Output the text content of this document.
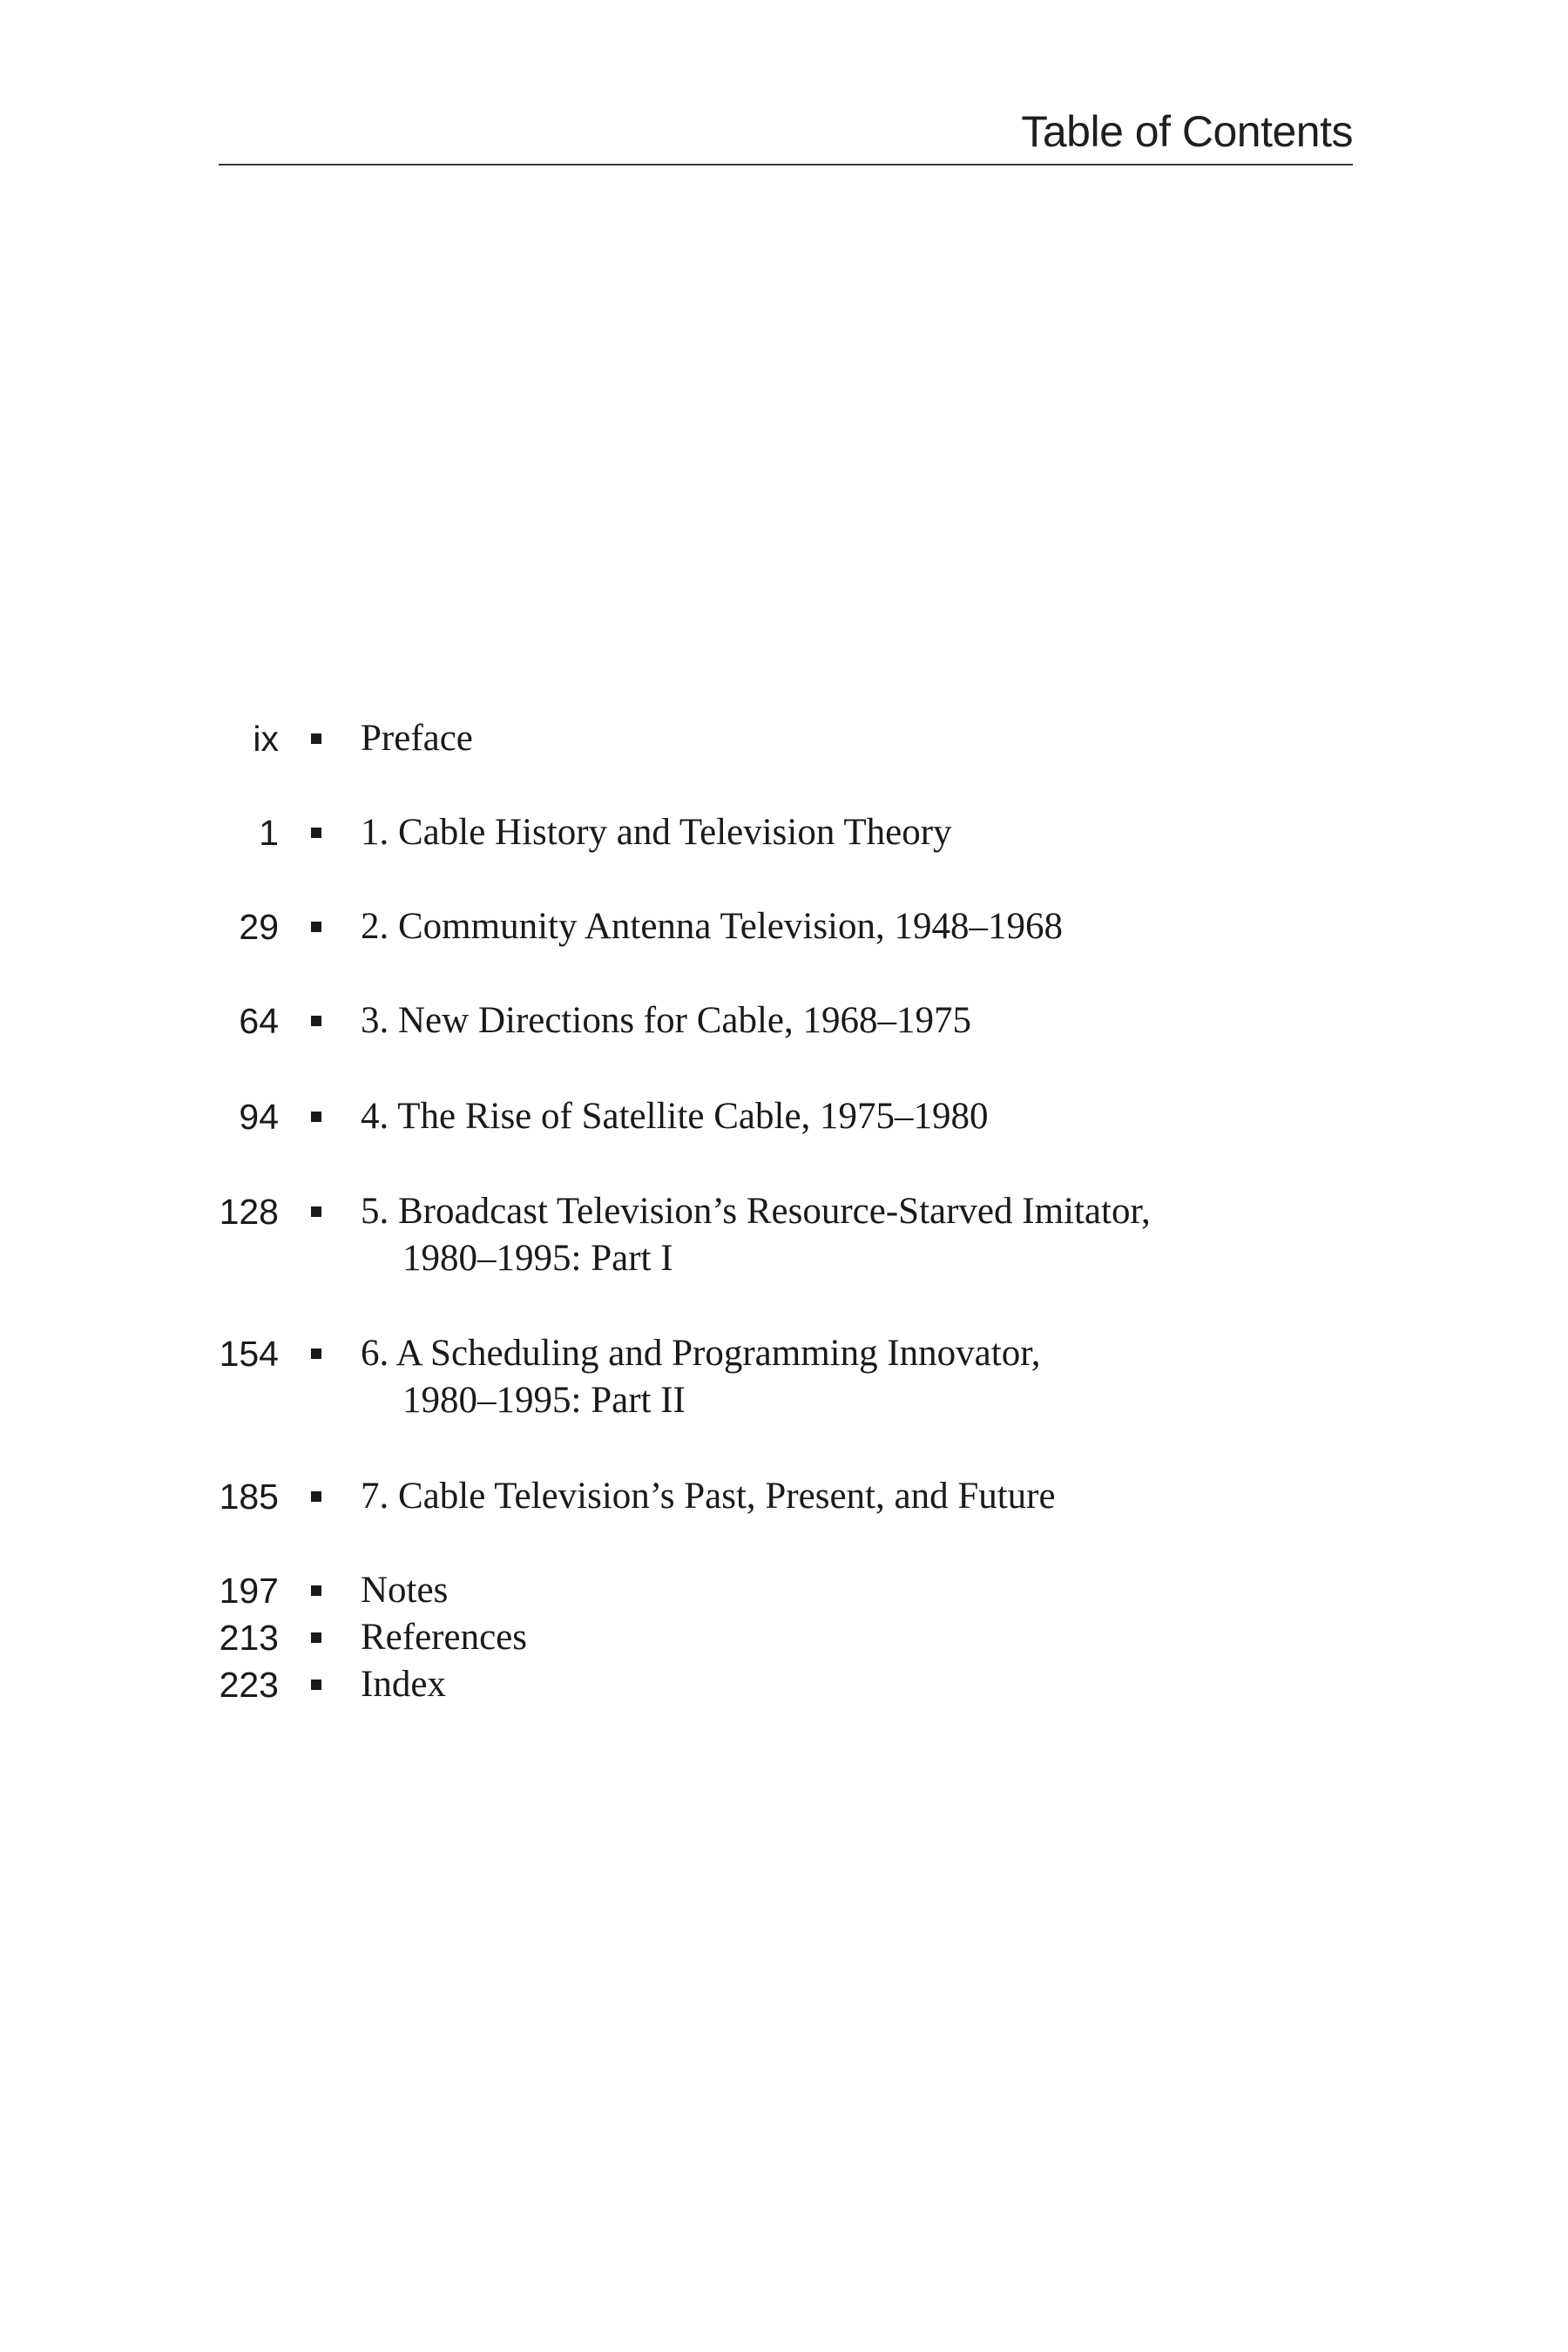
Table of Contents
ix Preface
1 1. Cable History and Television Theory
29 2. Community Antenna Television, 1948–1968
64 3. New Directions for Cable, 1968–1975
94 4. The Rise of Satellite Cable, 1975–1980
128 5. Broadcast Television’s Resource-Starved Imitator,
1980–1995: Part I
154 6. A Scheduling and Programming Innovator,
1980–1995: Part II
185 7. Cable Television’s Past, Present, and Future
197 Notes
213 References
223 Index
